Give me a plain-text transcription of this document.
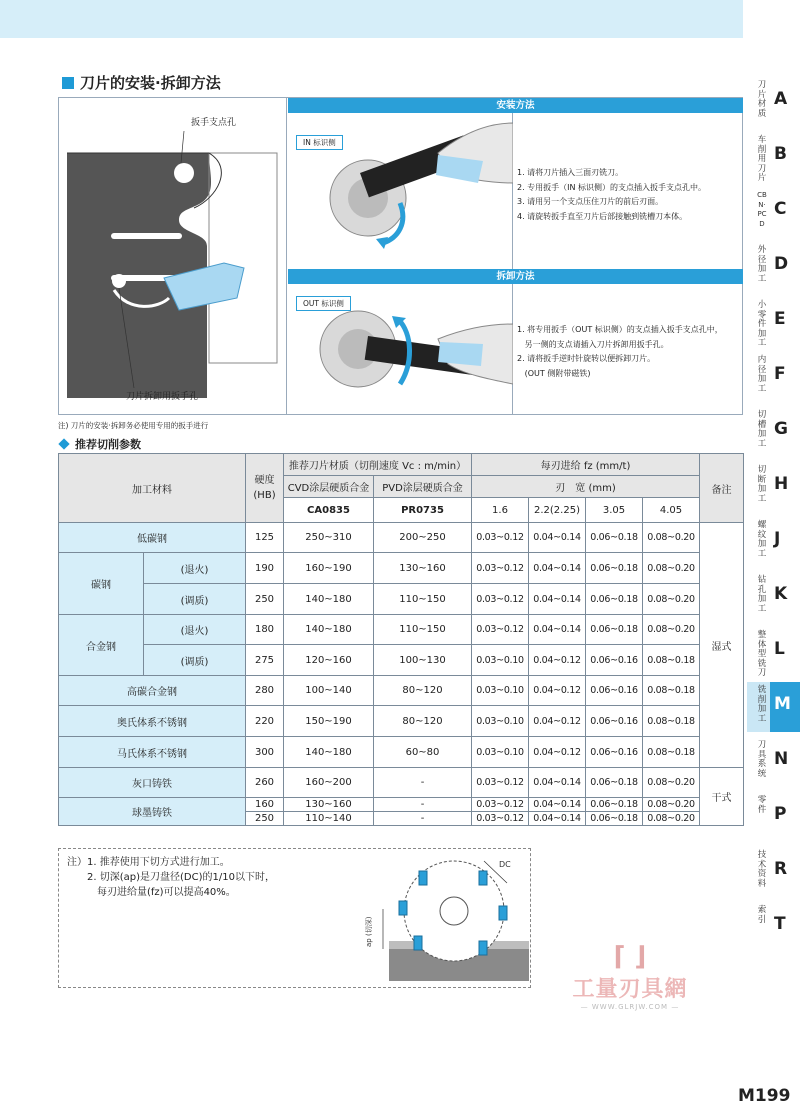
刀片的安装·拆卸方法
扳手支点孔
刀片拆卸用扳手孔
安装方法
IN 标识侧
1. 请将刀片插入三面刃铣刀。
2. 专用扳手（IN 标识侧）的支点插入扳手支点孔中。
3. 请用另一个支点压住刀片的前后刃面。
4. 请旋转扳手直至刀片后部接触到铣槽刀本体。
拆卸方法
OUT 标识侧
1. 将专用扳手（OUT 标识侧）的支点插入扳手支点孔中，
另一侧的支点请插入刀片拆卸用扳手孔。
2. 请将扳手逆时针旋转以便拆卸刀片。
(OUT 侧附带磁铁)
注) 刀片的安装·拆卸务必使用专用的扳手进行
推荐切削参数
加工材料		硬度
(HB)	推荐刀片材质（切削速度 Vc : m/min）		每刃进给 fz (mm/t)				备注
			CVD涂层硬质合金	PVD涂层硬质合金	刃　宽 (mm)				
			CA0835	PR0735	1.6	2.2(2.25)	3.05	4.05	
低碳钢		125	250~310	200~250	0.03~0.12	0.04~0.14	0.06~0.18	0.08~0.20	湿式
碳钢	(退火)	190	160~190	130~160	0.03~0.12	0.04~0.14	0.06~0.18	0.08~0.20	
	(调质)	250	140~180	110~150	0.03~0.12	0.04~0.14	0.06~0.18	0.08~0.20	
合金钢	(退火)	180	140~180	110~150	0.03~0.12	0.04~0.14	0.06~0.18	0.08~0.20	
	(调质)	275	120~160	100~130	0.03~0.10	0.04~0.12	0.06~0.16	0.08~0.18	
高碳合金钢		280	100~140	80~120	0.03~0.10	0.04~0.12	0.06~0.16	0.08~0.18	
奥氏体系不锈钢		220	150~190	80~120	0.03~0.10	0.04~0.12	0.06~0.16	0.08~0.18	
马氏体系不锈钢		300	140~180	60~80	0.03~0.10	0.04~0.12	0.06~0.16	0.08~0.18	
灰口铸铁		260	160~200	-	0.03~0.12	0.04~0.14	0.06~0.18	0.08~0.20	干式
球墨铸铁		160	130~160	-	0.03~0.12	0.04~0.14	0.06~0.18	0.08~0.20	
		250	110~140	-	0.03~0.12	0.04~0.14	0.06~0.18	0.08~0.20	
注）1. 推荐使用下切方式进行加工。
　　2. 切深(ap)是刀盘径(DC)的1/10以下时，
　　　每刃进给量(fz)可以提高40%。
DC
ap (切深)
⌈ ⌋
工量刃具網
— WWW.GLRJW.COM —
M199
刀片材质
A
车削用刀片
B
CBN·PCD
C
外径加工
D
小零件加工
E
内径加工
F
切槽加工
G
切断加工
H
螺纹加工
J
钻孔加工
K
整体型铣刀
L
铣削加工
M
刀具系统
N
零件 P
技术资料
R
索引 T
